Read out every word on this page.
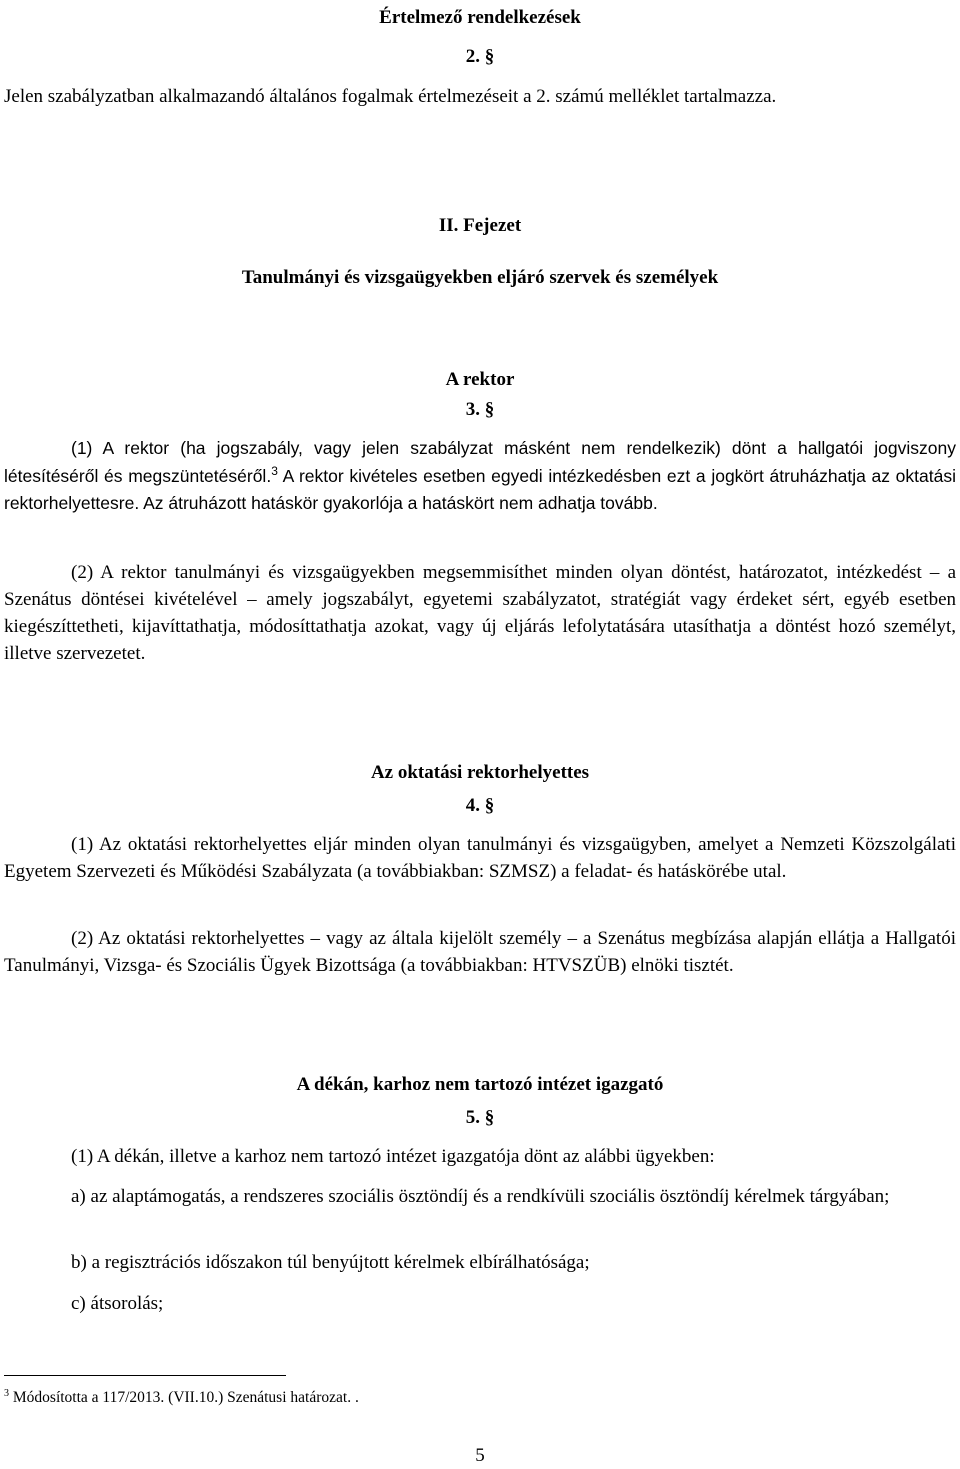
Értelmező rendelkezések
2. §
Jelen szabályzatban alkalmazandó általános fogalmak értelmezéseit a 2. számú melléklet tartalmazza.
II. Fejezet
Tanulmányi és vizsgaügyekben eljáró szervek és személyek
A rektor
3. §
(1) A rektor (ha jogszabály, vagy jelen szabályzat másként nem rendelkezik) dönt a hallgatói jogviszony létesítéséről és megszüntetéséről.$^3$ A rektor kivételes esetben egyedi intézkedésben ezt a jogkört átruházhatja az oktatási rektorhelyettesre. Az átruházott hatáskör gyakorlója a hatáskört nem adhatja tovább.
(2) A rektor tanulmányi és vizsgaügyekben megsemmisíthet minden olyan döntést, határozatot, intézkedést – a Szenátus döntései kivételével – amely jogszabályt, egyetemi szabályzatot, stratégiát vagy érdeket sért, egyéb esetben kiegészíttetheti, kijavíttathatja, módosíttathatja azokat, vagy új eljárás lefolytatására utasíthatja a döntést hozó személyt, illetve szervezetet.
Az oktatási rektorhelyettes
4. §
(1) Az oktatási rektorhelyettes eljár minden olyan tanulmányi és vizsgaügyben, amelyet a Nemzeti Közszolgálati Egyetem Szervezeti és Működési Szabályzata (a továbbiakban: SZMSZ) a feladat- és hatáskörébe utal.
(2) Az oktatási rektorhelyettes – vagy az általa kijelölt személy – a Szenátus megbízása alapján ellátja a Hallgatói Tanulmányi, Vizsga- és Szociális Ügyek Bizottsága (a továbbiakban: HTVSZÜB) elnöki tisztét.
A dékán, karhoz nem tartozó intézet igazgató
5. §
(1) A dékán, illetve a karhoz nem tartozó intézet igazgatója dönt az alábbi ügyekben:
a) az alaptámogatás, a rendszeres szociális ösztöndíj és a rendkívüli szociális ösztöndíj kérelmek tárgyában;
b) a regisztrációs időszakon túl benyújtott kérelmek elbírálhatósága;
c) átsorolás;
$^3$ Módosította a 117/2013. (VII.10.) Szenátusi határozat. .
5
